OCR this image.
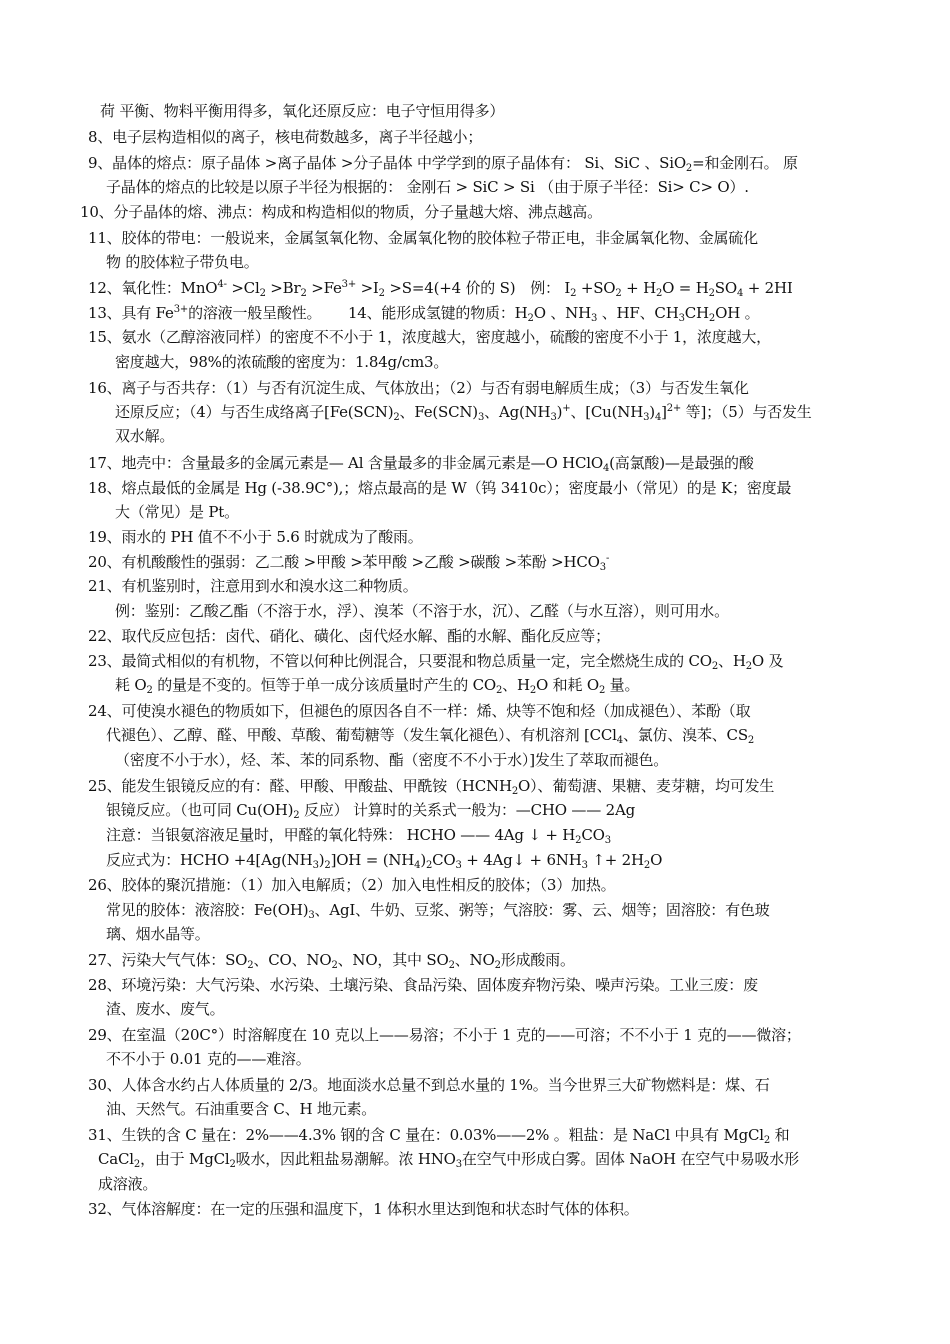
荷 平衡、物料平衡用得多，氧化还原反应：电子守恒用得多）
8、电子层构造相似的离子，核电荷数越多，离子半径越小；
9、晶体的熔点：原子晶体 >离子晶体 >分子晶体 中学学到的原子晶体有： Si、SiC 、SiO$_2$=和金刚石。 原
子晶体的熔点的比较是以原子半径为根据的： 金刚石 > SiC > Si （由于原子半径：Si> C> O）.
10、分子晶体的熔、沸点：构成和构造相似的物质，分子量越大熔、沸点越高。
11、胶体的带电：一般说来，金属氢氧化物、金属氧化物的胶体粒子带正电，非金属氧化物、金属硫化
物 的胶体粒子带负电。
12、氧化性：$MnO^{4-} >Cl_2 >Br_2 >Fe^{3+} >I_2 >S=4(+4$ 价的 S)　例： $I_2 +SO_2 + H_2O = H_2SO_4 + 2HI$
13、具有 $Fe^{3+}$的溶液一般呈酸性。　　 14、能形成氢键的物质：$H_2O$ 、$NH_3$ 、HF、$CH_3CH_2OH$ 。
15、氨水（乙醇溶液同样）的密度不不小于 1，浓度越大，密度越小，硫酸的密度不小于 1，浓度越大，
密度越大，98%的浓硫酸的密度为：1.84g/cm3。
16、离子与否共存：（1）与否有沉淀生成、气体放出；（2）与否有弱电解质生成；（3）与否发生氧化
还原反应；（4）与否生成络离子[$Fe(SCN)_2$、$Fe(SCN)_3$、$Ag(NH_3)^+$、$[Cu(NH_3)_4]^{2+}$ 等]；（5）与否发生
双水解。
17、地壳中：含量最多的金属元素是— Al 含量最多的非金属元素是—O HClO$_4$(高氯酸)—是最强的酸
18、熔点最低的金属是 Hg (-38.9C°),；熔点最高的是 W（钨 3410c）；密度最小（常见）的是 K；密度最
大（常见）是 Pt。
19、雨水的 PH 值不不小于 5.6 时就成为了酸雨。
20、有机酸酸性的强弱：乙二酸 >甲酸 >苯甲酸 >乙酸 >碳酸 >苯酚 $>HCO_3^-$
21、有机鉴别时，注意用到水和溴水这二种物质。
例：鉴别：乙酸乙酯（不溶于水，浮）、溴苯（不溶于水，沉）、乙醛（与水互溶），则可用水。
22、取代反应包括：卤代、硝化、磺化、卤代烃水解、酯的水解、酯化反应等；
23、最简式相似的有机物，不管以何种比例混合，只要混和物总质量一定，完全燃烧生成的 $CO_2$、$H_2O$ 及
耗 $O_2$ 的量是不变的。恒等于单一成分该质量时产生的 $CO_2$、$H_2O$ 和耗 $O_2$ 量。
24、可使溴水褪色的物质如下，但褪色的原因各自不一样：烯、炔等不饱和烃（加成褪色）、苯酚（取
代褪色）、乙醇、醛、甲酸、草酸、葡萄糖等（发生氧化褪色）、有机溶剂 [CCl$_4$、氯仿、溴苯、$CS_2$
（密度不小于水），烃、苯、苯的同系物、酯（密度不不小于水）]发生了萃取而褪色。
25、能发生银镜反应的有：醛、甲酸、甲酸盐、甲酰铵$(HCNH_2O)$、葡萄溏、果糖、麦芽糖，均可发生
银镜反应。（也可同 $Cu(OH)_2$ 反应） 计算时的关系式一般为：—CHO —— 2Ag
注意：当银氨溶液足量时，甲醛的氧化特殊： HCHO —— 4Ag ↓ + $H_2CO_3$
反应式为：HCHO $+4[Ag(NH_3)_2]OH = (NH_4)_2CO_3$ + 4Ag↓ + $6NH_3$ ↑+ $2H_2O$
26、胶体的聚沉措施：（1）加入电解质；（2）加入电性相反的胶体；（3）加热。
常见的胶体：液溶胶：$Fe(OH)_3$、AgI、牛奶、豆浆、粥等；气溶胶：雾、云、烟等；固溶胶：有色玻
璃、烟水晶等。
27、污染大气气体：$SO_2$、CO、$NO_2$、NO，其中 $SO_2$、$NO_2$形成酸雨。
28、环境污染：大气污染、水污染、土壤污染、食品污染、固体废弃物污染、噪声污染。工业三废：废
渣、废水、废气。
29、在室温（20C°）时溶解度在 10 克以上——易溶；不小于 1 克的——可溶；不不小于 1 克的——微溶；
不不小于 0.01 克的——难溶。
30、人体含水约占人体质量的 2/3。地面淡水总量不到总水量的 1%。当今世界三大矿物燃料是：煤、石
油、天然气。石油重要含 C、H 地元素。
31、生铁的含 C 量在：2%——4.3% 钢的含 C 量在：0.03%——2% 。粗盐：是 NaCl 中具有 MgCl$_2$ 和
CaCl$_2$，由于 MgCl$_2$吸水，因此粗盐易潮解。浓 $HNO_3$在空气中形成白雾。固体 NaOH 在空气中易吸水形
成溶液。
32、气体溶解度：在一定的压强和温度下，1 体积水里达到饱和状态时气体的体积。
